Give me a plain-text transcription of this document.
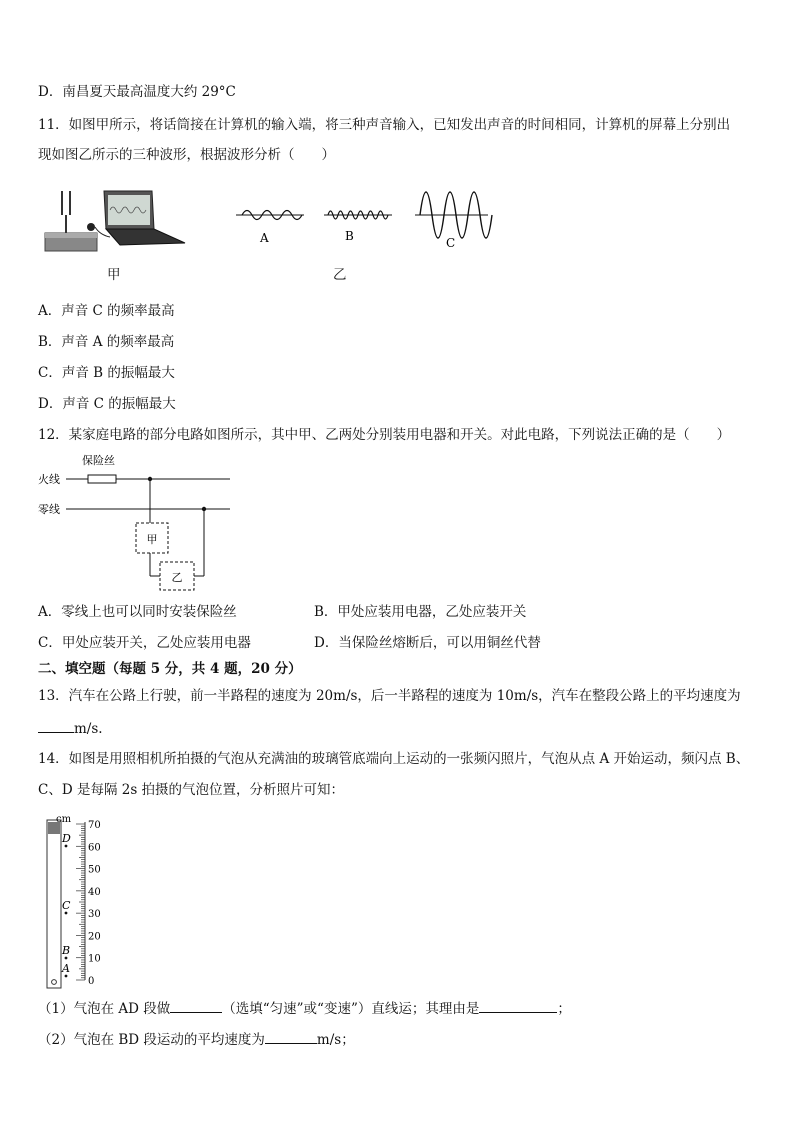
D．南昌夏天最高温度大约 29°C
11．如图甲所示，将话筒接在计算机的输入端，将三种声音输入，已知发出声音的时间相同，计算机的屏幕上分别出
现如图乙所示的三种波形，根据波形分析（　　）
甲
A	B	C
乙
A．声音 C 的频率最高
B．声音 A 的频率最高
C．声音 B 的振幅最大
D．声音 C 的振幅最大
12．某家庭电路的部分电路如图所示，其中甲、乙两处分别装用电器和开关。对此电路，下列说法正确的是（　　）
火线
零线
保险丝
甲
乙
A．零线上也可以同时安装保险丝	B．甲处应装用电器，乙处应装开关
C．甲处应装开关，乙处应装用电器	D．当保险丝熔断后，可以用铜丝代替
二、填空题（每题 5 分，共 4 题，20 分）
13．汽车在公路上行驶，前一半路程的速度为 20m/s，后一半路程的速度为 10m/s，汽车在整段公路上的平均速度为
m/s.
14．如图是用照相机所拍摄的气泡从充满油的玻璃管底端向上运动的一张频闪照片，气泡从点 A 开始运动，频闪点 B、
C、D 是每隔 2s 拍摄的气泡位置，分析照片可知：
cm
70
60
50
40
30
20
10
0
D
C
B
A
（1）气泡在 AD 段做	（选填“匀速”或“变速”）直线运；其理由是	；
（2）气泡在 BD 段运动的平均速度为	m/s；
